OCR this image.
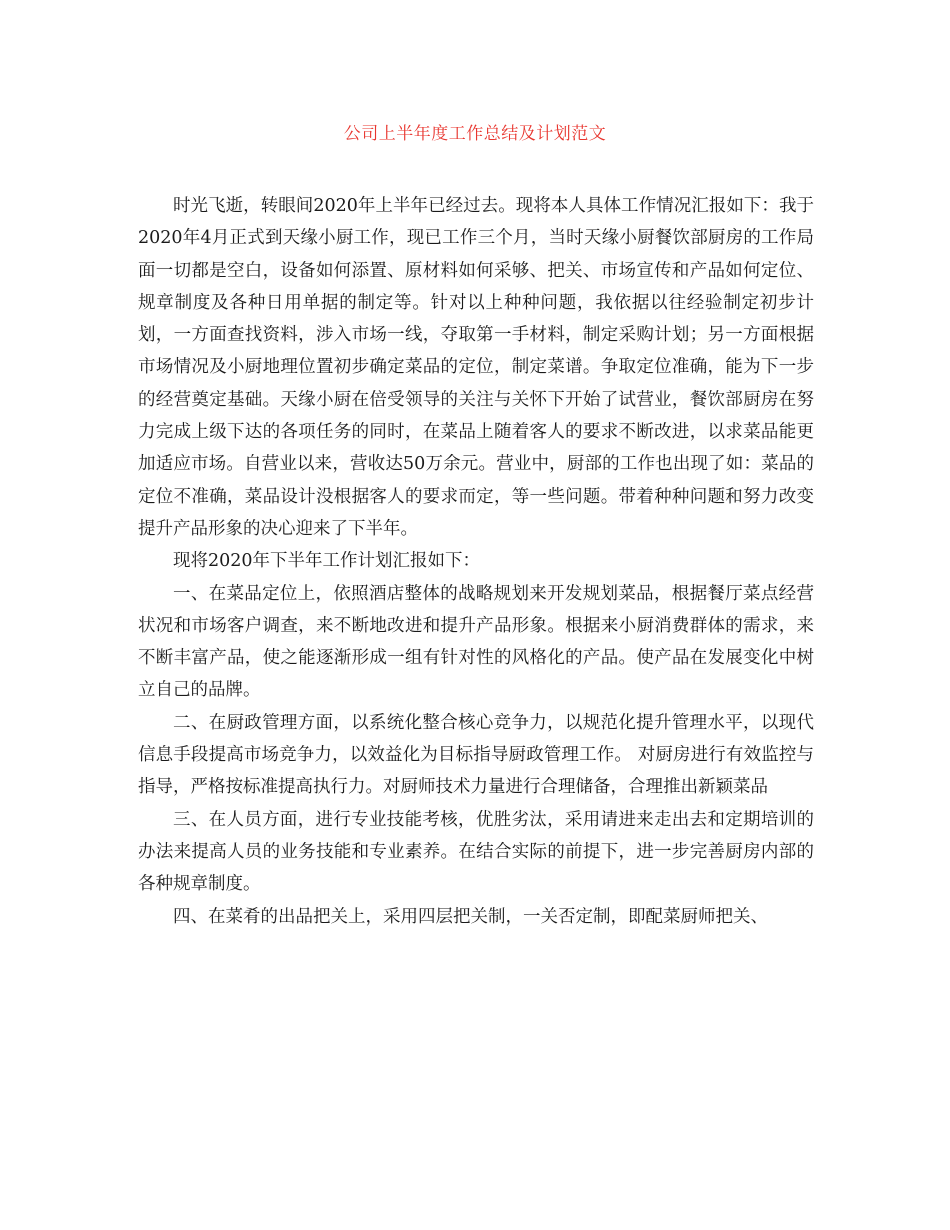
公司上半年度工作总结及计划范文

时光飞逝，转眼间2020年上半年已经过去。现将本人具体工作情况汇报如下：我于2020年4月正式到天缘小厨工作，现已工作三个月，当时天缘小厨餐饮部厨房的工作局面一切都是空白，设备如何添置、原材料如何采够、把关、市场宣传和产品如何定位、规章制度及各种日用单据的制定等。针对以上种种问题，我依据以往经验制定初步计划，一方面查找资料，涉入市场一线，夺取第一手材料，制定采购计划；另一方面根据市场情况及小厨地理位置初步确定菜品的定位，制定菜谱。争取定位准确，能为下一步的经营奠定基础。天缘小厨在倍受领导的关注与关怀下开始了试营业，餐饮部厨房在努力完成上级下达的各项任务的同时，在菜品上随着客人的要求不断改进，以求菜品能更加适应市场。自营业以来，营收达50万余元。营业中，厨部的工作也出现了如：菜品的定位不准确，菜品设计没根据客人的要求而定，等一些问题。带着种种问题和努力改变提升产品形象的决心迎来了下半年。

现将2020年下半年工作计划汇报如下：

一、在菜品定位上，依照酒店整体的战略规划来开发规划菜品，根据餐厅菜点经营状况和市场客户调查，来不断地改进和提升产品形象。根据来小厨消费群体的需求，来不断丰富产品，使之能逐渐形成一组有针对性的风格化的产品。使产品在发展变化中树立自己的品牌。

二、在厨政管理方面，以系统化整合核心竞争力，以规范化提升管理水平，以现代信息手段提高市场竞争力，以效益化为目标指导厨政管理工作。 对厨房进行有效监控与指导，严格按标准提高执行力。对厨师技术力量进行合理储备，合理推出新颖菜品

三、在人员方面，进行专业技能考核，优胜劣汰，采用请进来走出去和定期培训的办法来提高人员的业务技能和专业素养。在结合实际的前提下，进一步完善厨房内部的各种规章制度。

四、在菜肴的出品把关上，采用四层把关制，一关否定制，即配菜厨师把关、
